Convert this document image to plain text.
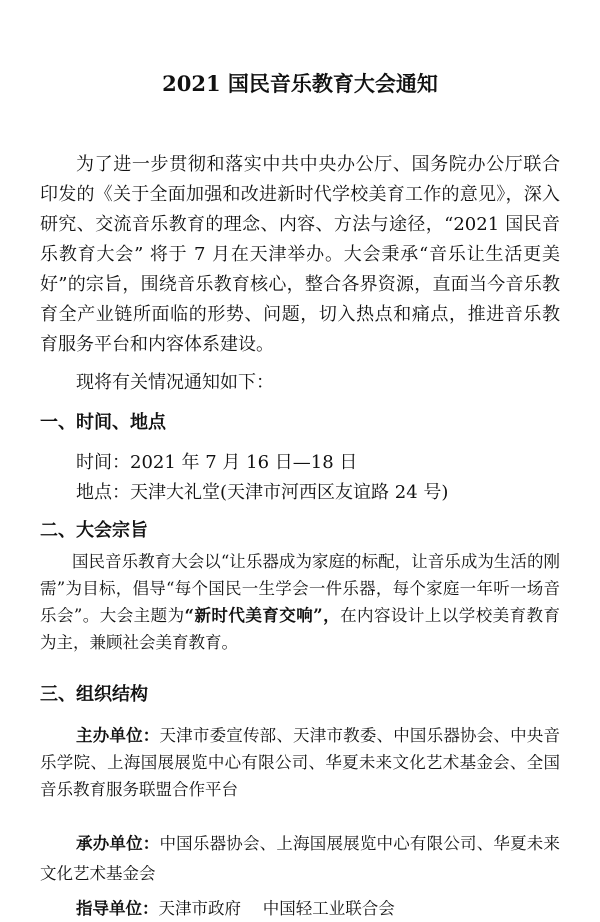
2021 国民音乐教育大会通知

为了进一步贯彻和落实中共中央办公厅、国务院办公厅联合印发的《关于全面加强和改进新时代学校美育工作的意见》，深入研究、交流音乐教育的理念、内容、方法与途径，“2021 国民音乐教育大会” 将于 7 月在天津举办。大会秉承“音乐让生活更美好”的宗旨，围绕音乐教育核心，整合各界资源，直面当今音乐教育全产业链所面临的形势、问题，切入热点和痛点，推进音乐教育服务平台和内容体系建设。

现将有关情况通知如下：

一、时间、地点
时间：2021 年 7 月 16 日—18 日
地点：天津大礼堂(天津市河西区友谊路 24 号)
二、大会宗旨

国民音乐教育大会以“让乐器成为家庭的标配，让音乐成为生活的刚需”为目标，倡导“每个国民一生学会一件乐器，每个家庭一年听一场音乐会”。大会主题为“新时代美育交响”，在内容设计上以学校美育教育为主，兼顾社会美育教育。

三、组织结构

主办单位：天津市委宣传部、天津市教委、中国乐器协会、中央音乐学院、上海国展展览中心有限公司、华夏未来文化艺术基金会、全国音乐教育服务联盟合作平台

承办单位：中国乐器协会、上海国展展览中心有限公司、华夏未来文化艺术基金会

指导单位：天津市政府　 中国轻工业联合会
